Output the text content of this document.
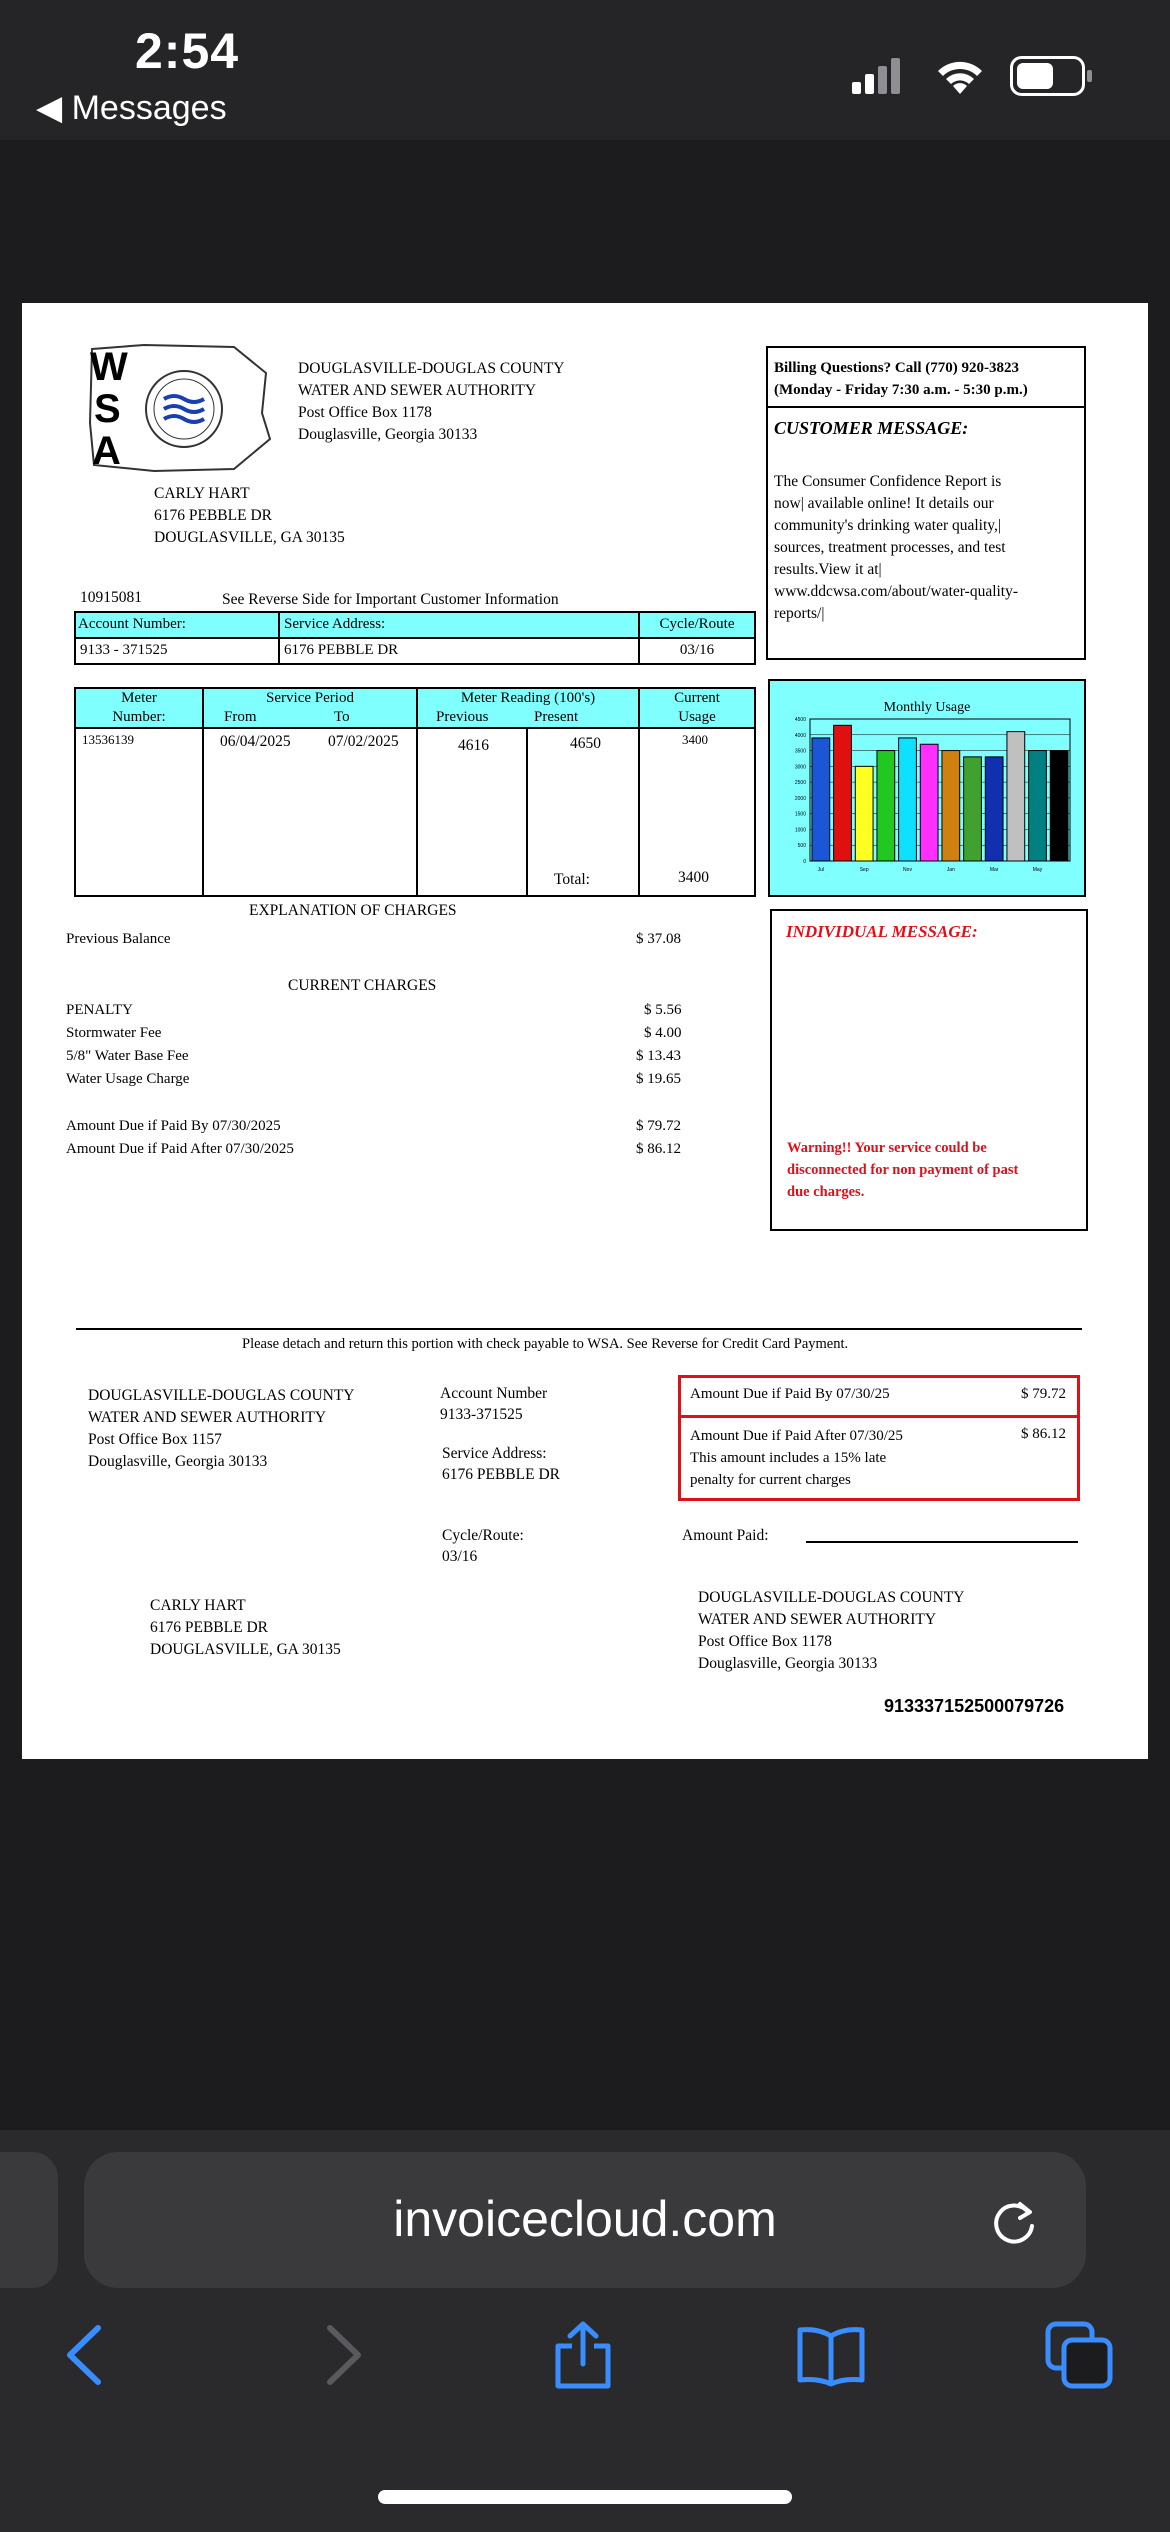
2:54
◀ Messages
W
S
A
DOUGLASVILLE-DOUGLAS COUNTY
WATER AND SEWER AUTHORITY
Post Office Box 1178
Douglasville, Georgia 30133
CARLY HART
6176 PEBBLE DR
DOUGLASVILLE, GA 30135
Billing Questions? Call (770) 920-3823
(Monday - Friday 7:30 a.m. - 5:30 p.m.)
CUSTOMER MESSAGE:
The Consumer Confidence Report is
now| available online! It details our
community's drinking water quality,|
sources, treatment processes, and test
results.View it at|
www.ddcwsa.com/about/water-quality-
reports/|
10915081	See Reverse Side for Important Customer Information
Account Number:	Service Address:	Cycle/Route
9133 - 371525	6176 PEBBLE DR	03/16
Meter
Number:
Service Period
From	To
Meter Reading (100's)
Previous	Present
Current
Usage
13536139	06/04/2025 07/02/2025	4616	4650	3400
Total:	3400
Monthly Usage
0
500
1000
1500
2000
2500
3000
3500
4000
4500
Jul	Sep	Nov	Jan	Mar	May
EXPLANATION OF CHARGES
Previous Balance	$ 37.08
CURRENT CHARGES
PENALTY	$ 5.56
Stormwater Fee	$ 4.00
5/8" Water Base Fee	$ 13.43
Water Usage Charge	$ 19.65
Amount Due if Paid By 07/30/2025	$ 79.72
Amount Due if Paid After 07/30/2025	$ 86.12
INDIVIDUAL MESSAGE:
Warning!! Your service could be
disconnected for non payment of past
due charges.
Please detach and return this portion with check payable to WSA. See Reverse for Credit Card Payment.
DOUGLASVILLE-DOUGLAS COUNTY
WATER AND SEWER AUTHORITY
Post Office Box 1157
Douglasville, Georgia 30133
Account Number
9133-371525
Service Address:
6176 PEBBLE DR
Cycle/Route:
03/16
Amount Due if Paid By 07/30/25	$ 79.72
Amount Due if Paid After 07/30/25	$ 86.12
This amount includes a 15% late
penalty for current charges
Amount Paid:
CARLY HART
6176 PEBBLE DR
DOUGLASVILLE, GA 30135
DOUGLASVILLE-DOUGLAS COUNTY
WATER AND SEWER AUTHORITY
Post Office Box 1178
Douglasville, Georgia 30133
913337152500079726
invoicecloud.com
